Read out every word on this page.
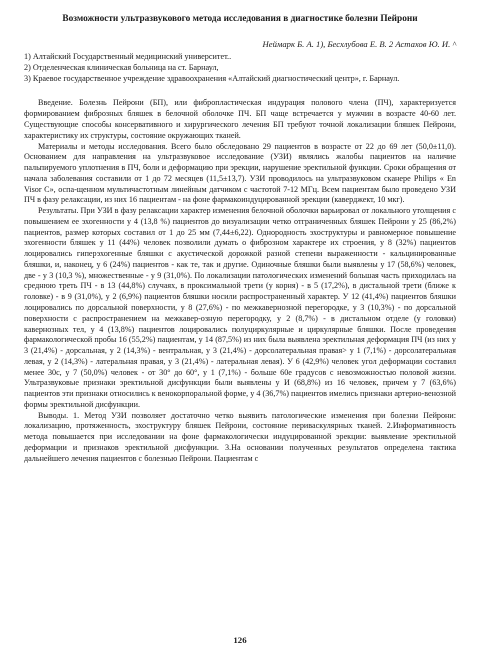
Возможности ультразвукового метода исследования в диагностике болезни Пейрони
Неймарк Б. А. 1), Бесхлубова Е. В. 2 Астахов Ю. И. ^

1) Алтайский Государственный медицинский университет..

2) Отделенческая клиническая больница на ст. Барнаул,

3) Краевое государственное учреждение здравоохранения «Алтайский диагностический центр», г. Барнаул.

Введение. Болезнь Пейрони (БП), или фибропластическая индурация полового члена (ПЧ), характеризуется формированием фиброзных бляшек в белочной оболочке ПЧ. БП чаще встречается у мужчин в возрасте 40-60 лет. Существующие способы консервативного и хирургического лечения БП требуют точной локализации бляшек Пейрони, характеристику их структуры, состояние окружающих тканей.

Материалы и методы исследования. Всего было обследовано 29 пациентов в возрасте от 22 до 69 лет (50,0±11,0). Основанием для направления на ультразвуковое исследование (УЗИ) являлись жалобы пациентов на наличие пальпируемого уплотнения в ПЧ, боли и деформацию при эрекции, нарушение эректильной функции. Сроки обращения от начала заболевания составили от 1 до 72 месяцев (11,5±13,7). УЗИ проводилось на ультразвуковом сканере Philips « En Visor С», оспа-щенном мультичастотным линейным датчиком с частотой 7-12 МГц. Всем пациентам было проведено УЗИ ПЧ в фазу релаксации, из них 16 пациентам - на фоне фармакоиндуцированной эрекции (каверджект, 10 мкг).

Результаты. При УЗИ в фазу релаксации характер изменения белочной оболочки варьировал от локального утолщения с повышением ее эхогенности у 4 (13,8 %) пациентов до визуализации четко отграниченных бляшек Пейрони у 25 (86,2%) пациентов, размер которых составил от 1 до 25 мм (7,44±6,22). Однородность эхоструктуры и равномерное повышение эхогенности бляшек у 11 (44%) человек позволили думать о фиброзном характере их строения, у 8 (32%) пациентов лоцировались гиперэхогенные бляшки с акустической дорожкой разной степени выраженности - кальцинированные бляшки, и, наконец, у 6 (24%) пациентов - как те, так и другие. Одиночные бляшки были выявлены у 17 (58,6%) человек, две - у 3 (10,3 %), множественные - у 9 (31,0%). По локализации патологических изменений большая часть приходилась на среднюю треть ПЧ - в 13 (44,8%) случаях, в проксимальной трети (у корня) - в 5 (17,2%), в дистальной трети (ближе к головке) - в 9 (31,0%), у 2 (6,9%) пациентов бляшки носили распространенный характер. У 12 (41,4%) пациентов бляшки лоцировались по дорсальной поверхности, у 8 (27,6%) - по межкавернозной перегородке, у 3 (10,3%) - по дорсальной поверхности с распространением на межкавер-озную перегородку, у 2 (8,7%) - в дистальном отделе (у головки) кавернозных тел, у 4 (13,8%) пациентов лоцировались полуциркулярные и циркулярные бляшки. После проведения фармакологической пробы 16 (55,2%) пациентам, у 14 (87,5%) из них была выявлена эректильная деформация ПЧ (из них у 3 (21,4%) - дорсальная, у 2 (14,3%) - вентральная, у 3 (21,4%) - дорсолатеральная правая> у 1 (7,1%) - дорсолатеральная левая, у 2 (14,3%) - латеральная правая, у 3 (21,4%) - латеральная левая). У 6 (42,9%) человек угол деформации составил менее 30с, у 7 (50,0%) человек - от 30° до 60°, у 1 (7,1%) - больше 60е градусов с невозможностью половой жизни. Ультразвуковые признаки эректильной дисфункции были выявлены у И (68,8%) из 16 человек, причем у 7 (63,6%) пациентов эти признаки относились к венокорпоральной форме, у 4 (36,7%) пациентов имелись признаки артерио-венозной формы эректильной дисфункции.

Выводы. 1. Метод УЗИ позволяет достаточно четко выявить патологические изменения при болезни Пейрони: локализацию, протяженность, эхоструктуру бляшек Пейрони, состояние периваскулярных тканей. 2.Информативность метода повышается при исследовании на фоне фармакологически индуцированной эрекции: выявление эректильной деформации и признаков эректильной дисфункции. 3.На основании полученных результатов определена тактика дальнейшего лечения пациентов с болезнью Пейрони. Пациентам с

126
